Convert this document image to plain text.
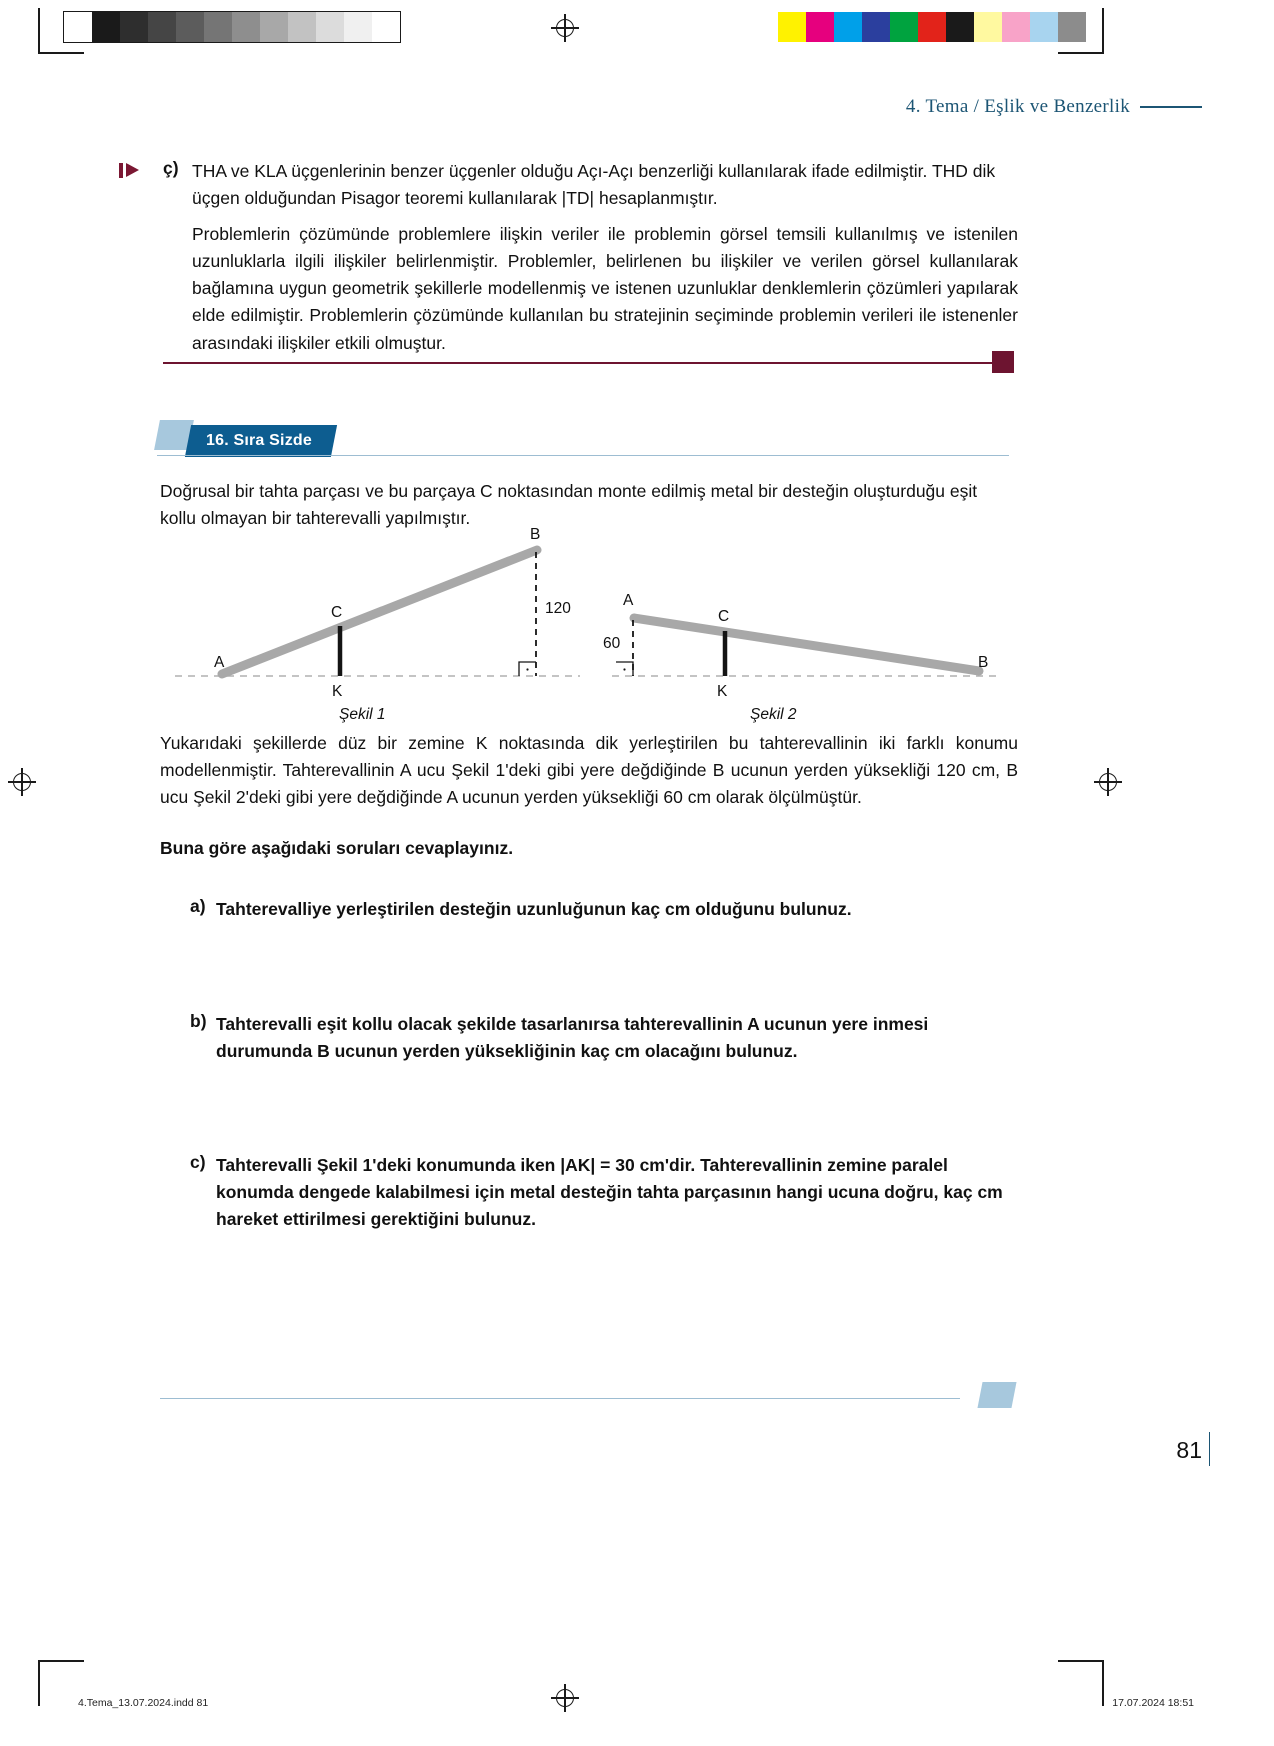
4. Tema / Eşlik ve Benzerlik
ç) THA ve KLA üçgenlerinin benzer üçgenler olduğu Açı-Açı benzerliği kullanılarak ifade edilmiştir. THD dik üçgen olduğundan Pisagor teoremi kullanılarak |TD| hesaplanmıştır.
Problemlerin çözümünde problemlere ilişkin veriler ile problemin görsel temsili kullanılmış ve istenilen uzunluklarla ilgili ilişkiler belirlenmiştir. Problemler, belirlenen bu ilişkiler ve verilen görsel kullanılarak bağlamına uygun geometrik şekillerle modellenmiş ve istenen uzunluklar denklemlerin çözümleri yapılarak elde edilmiştir. Problemlerin çözümünde kullanılan bu stratejinin seçiminde problemin verileri ile istenenler arasındaki ilişkiler etkili olmuştur.
16. Sıra Sizde
Doğrusal bir tahta parçası ve bu parçaya C noktasından monte edilmiş metal bir desteğin oluşturduğu eşit kollu olmayan bir tahterevalli yapılmıştır.
A
B
C
K
120
Şekil 1
A
B
C
K
60
Şekil 2
Yukarıdaki şekillerde düz bir zemine K noktasında dik yerleştirilen bu tahterevallinin iki farklı konumu modellenmiştir. Tahterevallinin A ucu Şekil 1'deki gibi yere değdiğinde B ucunun yerden yüksekliği 120 cm, B ucu Şekil 2'deki gibi yere değdiğinde A ucunun yerden yüksekliği 60 cm olarak ölçülmüştür.
Buna göre aşağıdaki soruları cevaplayınız.
a) Tahterevalliye yerleştirilen desteğin uzunluğunun kaç cm olduğunu bulunuz.
b) Tahterevalli eşit kollu olacak şekilde tasarlanırsa tahterevallinin A ucunun yere inmesi durumunda B ucunun yerden yüksekliğinin kaç cm olacağını bulunuz.
c) Tahterevalli Şekil 1'deki konumunda iken |AK| = 30 cm'dir. Tahterevallinin zemine paralel konumda dengede kalabilmesi için metal desteğin tahta parçasının hangi ucuna doğru, kaç cm hareket ettirilmesi gerektiğini bulunuz.
81
4.Tema_13.07.2024.indd 81	17.07.2024 18:51
